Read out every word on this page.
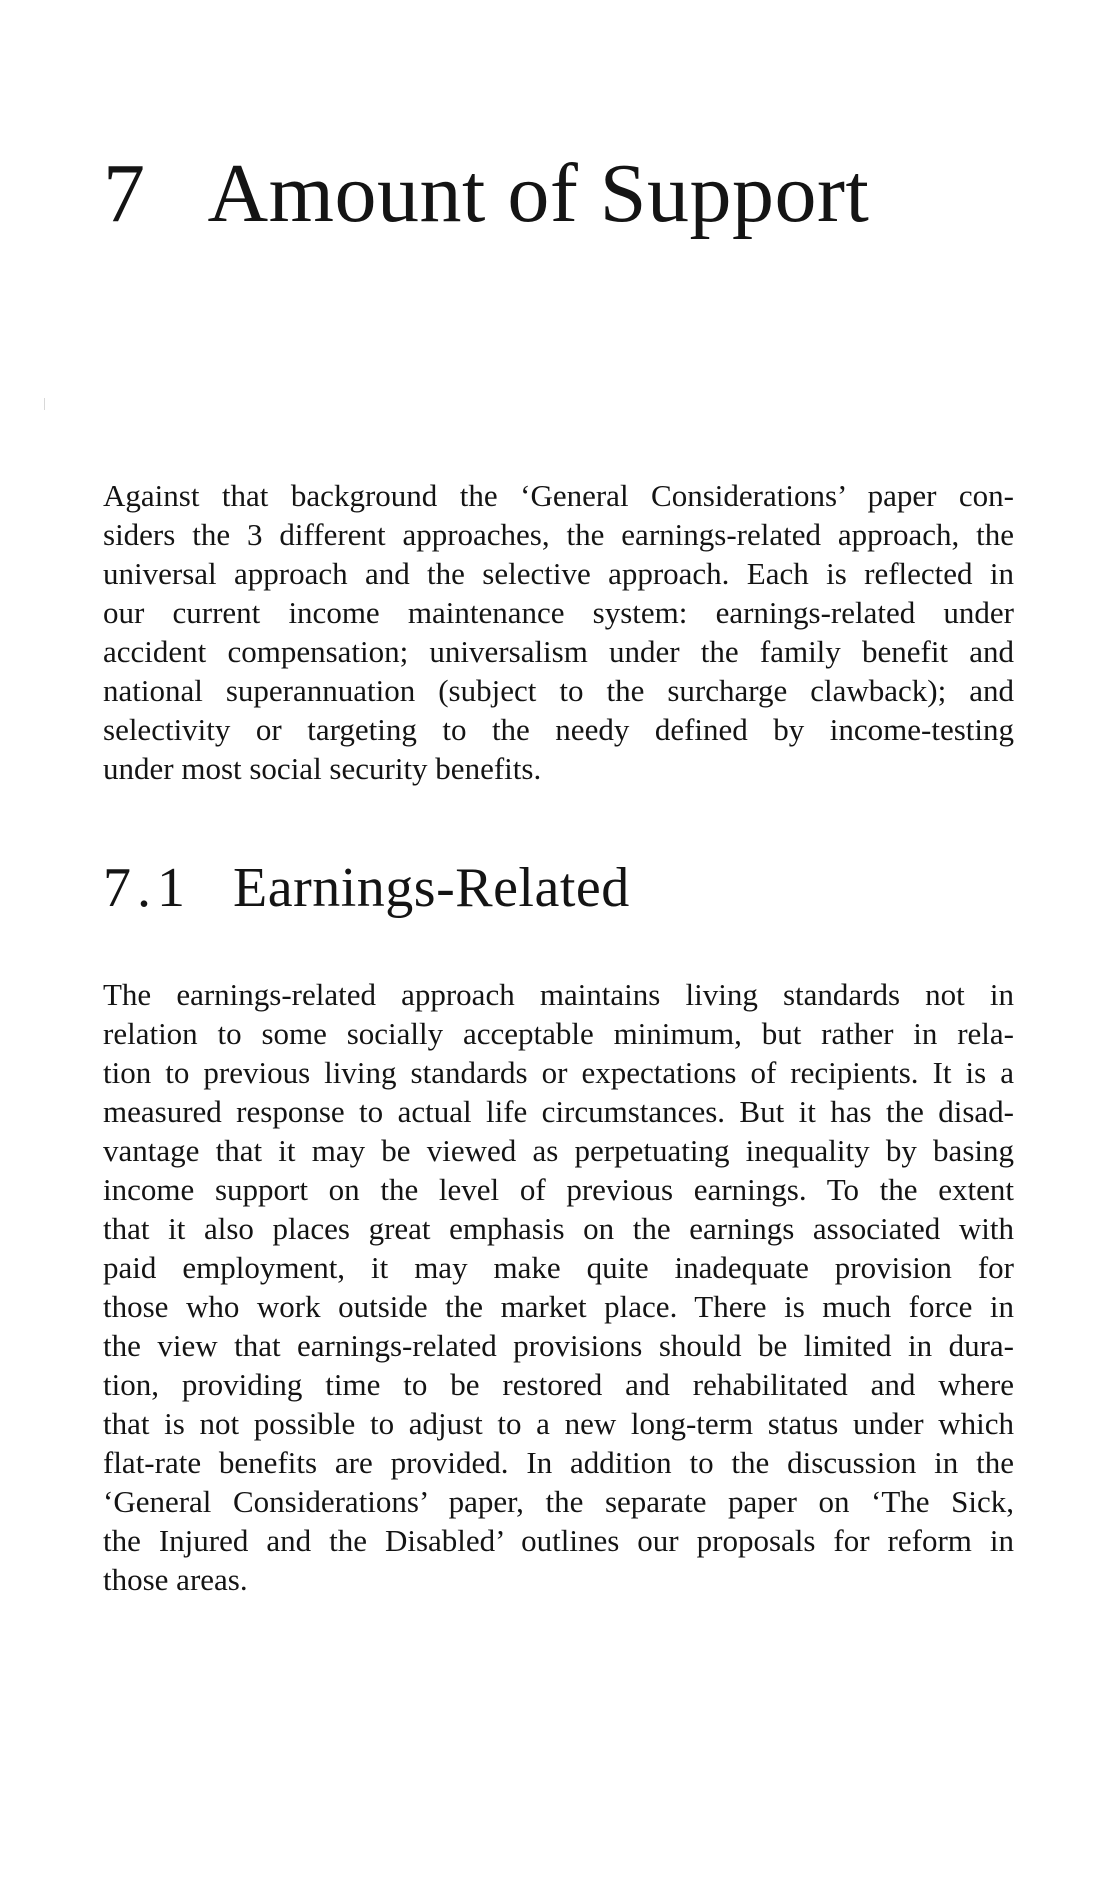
7 Amount of Support
Against that background the ‘General Considerations’ paper con-
siders the 3 different approaches, the earnings-related approach, the
universal approach and the selective approach. Each is reflected in
our current income maintenance system: earnings-related under
accident compensation; universalism under the family benefit and
national superannuation (subject to the surcharge clawback); and
selectivity or targeting to the needy defined by income-testing
under most social security benefits.
7.1 Earnings-Related
The earnings-related approach maintains living standards not in
relation to some socially acceptable minimum, but rather in rela-
tion to previous living standards or expectations of recipients. It is a
measured response to actual life circumstances. But it has the disad-
vantage that it may be viewed as perpetuating inequality by basing
income support on the level of previous earnings. To the extent
that it also places great emphasis on the earnings associated with
paid employment, it may make quite inadequate provision for
those who work outside the market place. There is much force in
the view that earnings-related provisions should be limited in dura-
tion, providing time to be restored and rehabilitated and where
that is not possible to adjust to a new long-term status under which
flat-rate benefits are provided. In addition to the discussion in the
‘General Considerations’ paper, the separate paper on ‘The Sick,
the Injured and the Disabled’ outlines our proposals for reform in
those areas.
